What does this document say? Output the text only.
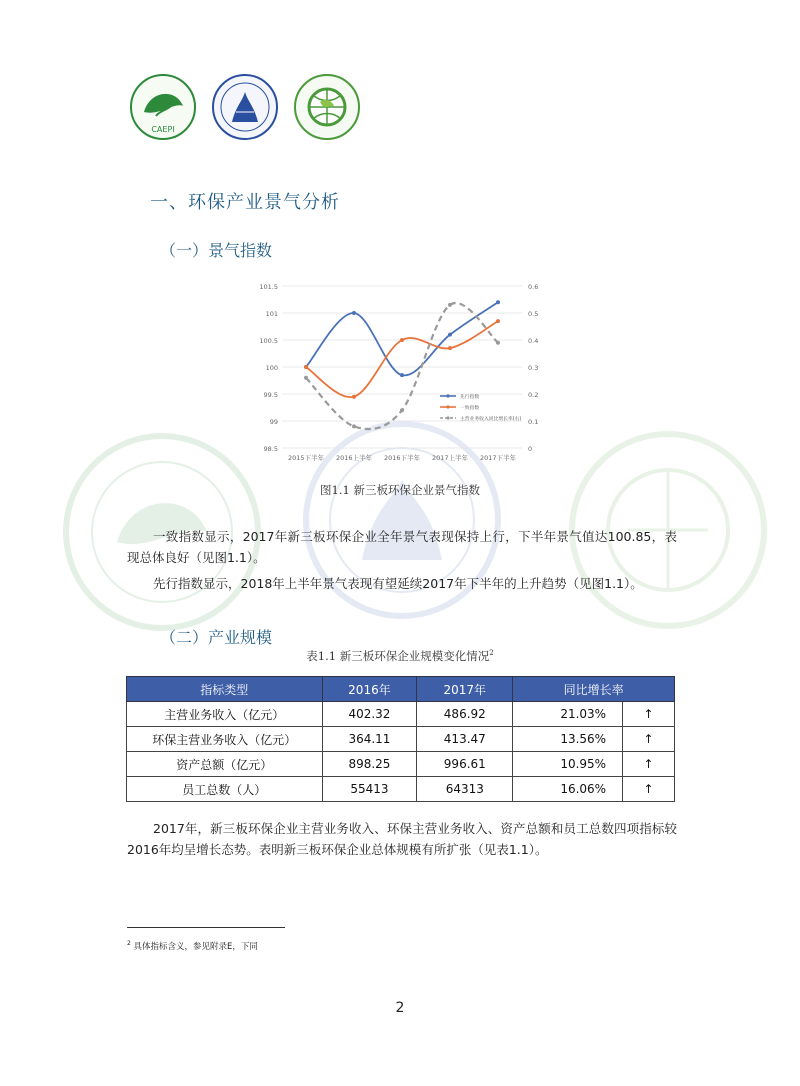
CAEPI
一、环保产业景气分析
（一）景气指数
98.5
99
99.5
100
100.5
101
101.5
0
0.1
0.2
0.3
0.4
0.5
0.6
2015下半年 2016上半年 2016下半年 2017上半年 2017下半年
先行指数
一致指数
主营业务收入同比增长率(右)
图1.1 新三板环保企业景气指数
一致指数显示，2017年新三板环保企业全年景气表现保持上行，下半年景气值达100.85，表现总体良好（见图1.1）。
先行指数显示，2018年上半年景气表现有望延续2017年下半年的上升趋势（见图1.1）。
（二）产业规模
表1.1 新三板环保企业规模变化情况$^2$
指标类型	2016年	2017年	同比增长率	
主营业务收入（亿元）	402.32	486.92	21.03%	↑
环保主营业务收入（亿元）	364.11	413.47	13.56%	↑
资产总额（亿元）	898.25	996.61	10.95%	↑
员工总数（人）	55413	64313	16.06%	↑
2017年，新三板环保企业主营业务收入、环保主营业务收入、资产总额和员工总数四项指标较2016年均呈增长态势。表明新三板环保企业总体规模有所扩张（见表1.1）。
$^2$ 具体指标含义，参见附录E，下同
2
